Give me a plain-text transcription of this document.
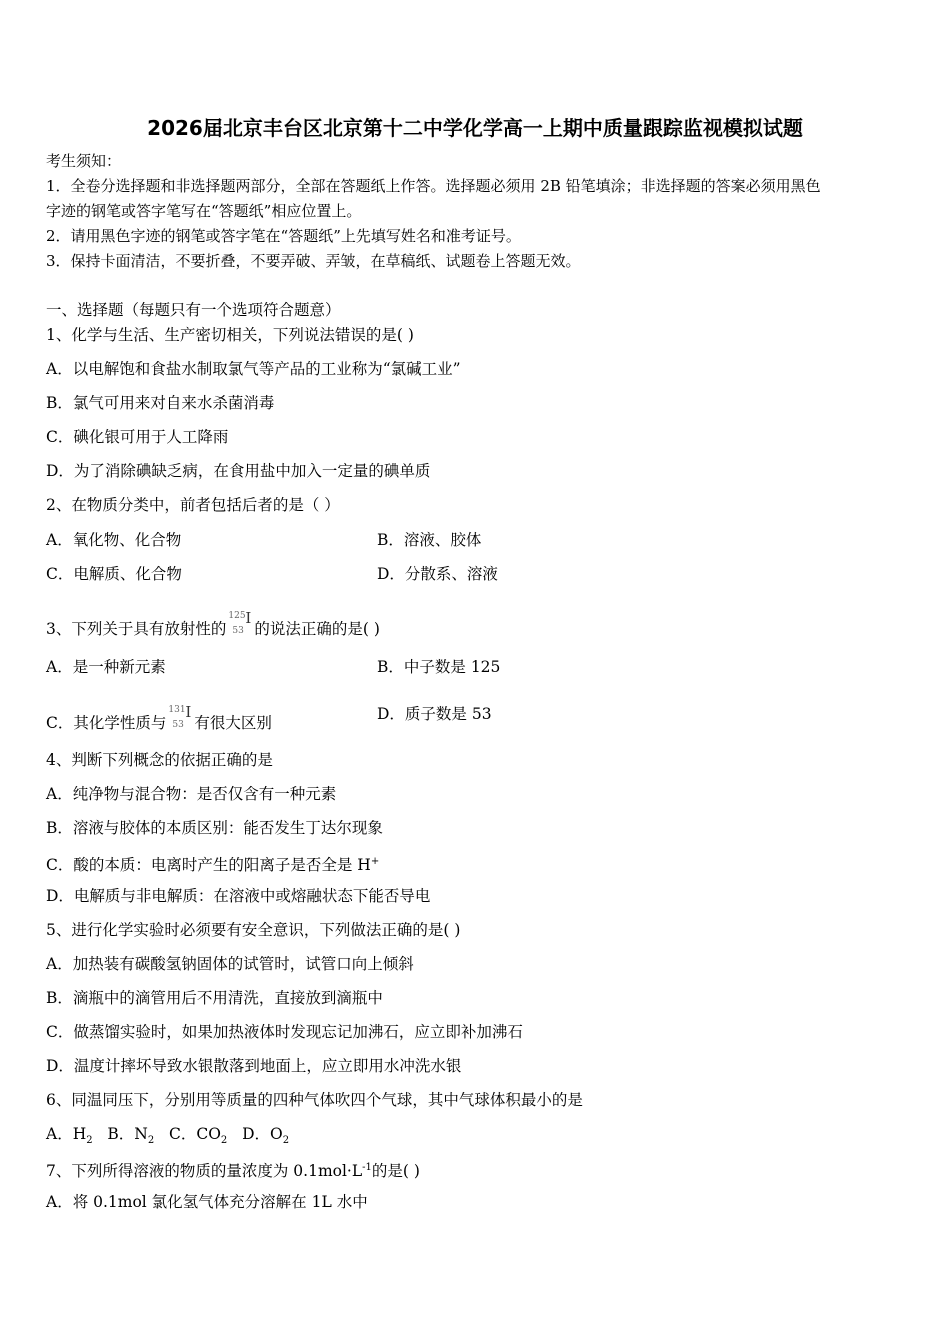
2026届北京丰台区北京第十二中学化学高一上期中质量跟踪监视模拟试题
考生须知：
1．全卷分选择题和非选择题两部分，全部在答题纸上作答。选择题必须用 2B 铅笔填涂；非选择题的答案必须用黑色
字迹的钢笔或答字笔写在“答题纸”相应位置上。
2．请用黑色字迹的钢笔或答字笔在“答题纸”上先填写姓名和准考证号。
3．保持卡面清洁，不要折叠，不要弄破、弄皱，在草稿纸、试题卷上答题无效。
一、选择题（每题只有一个选项符合题意）
1、化学与生活、生产密切相关，下列说法错误的是( )
A．以电解饱和食盐水制取氯气等产品的工业称为“氯碱工业”
B．氯气可用来对自来水杀菌消毒
C．碘化银可用于人工降雨
D．为了消除碘缺乏病，在食用盐中加入一定量的碘单质
2、在物质分类中，前者包括后者的是（ ）
A．氧化物、化合物	B．溶液、胶体
C．电解质、化合物	D．分散系、溶液
3、下列关于具有放射性的
125
53
I
的说法正确的是( )
A．是一种新元素	B．中子数是 125
C．其化学性质与
131
53
I
有很大区别	D．质子数是 53
4、判断下列概念的依据正确的是
A．纯净物与混合物：是否仅含有一种元素
B．溶液与胶体的本质区别：能否发生丁达尔现象
C．酸的本质：电离时产生的阳离子是否全是 H+
D．电解质与非电解质：在溶液中或熔融状态下能否导电
5、进行化学实验时必须要有安全意识，下列做法正确的是( )
A．加热装有碳酸氢钠固体的试管时，试管口向上倾斜
B．滴瓶中的滴管用后不用清洗，直接放到滴瓶中
C．做蒸馏实验时，如果加热液体时发现忘记加沸石，应立即补加沸石
D．温度计摔坏导致水银散落到地面上，应立即用水冲洗水银
6、同温同压下，分别用等质量的四种气体吹四个气球，其中气球体积最小的是
A．$H_2$ B．$N_2$ C．$CO_2$ D．$O_2$
7、下列所得溶液的物质的量浓度为 $0.1mol\cdot L^{-1}$的是( )
A．将 0.1mol 氯化氢气体充分溶解在 1L 水中
